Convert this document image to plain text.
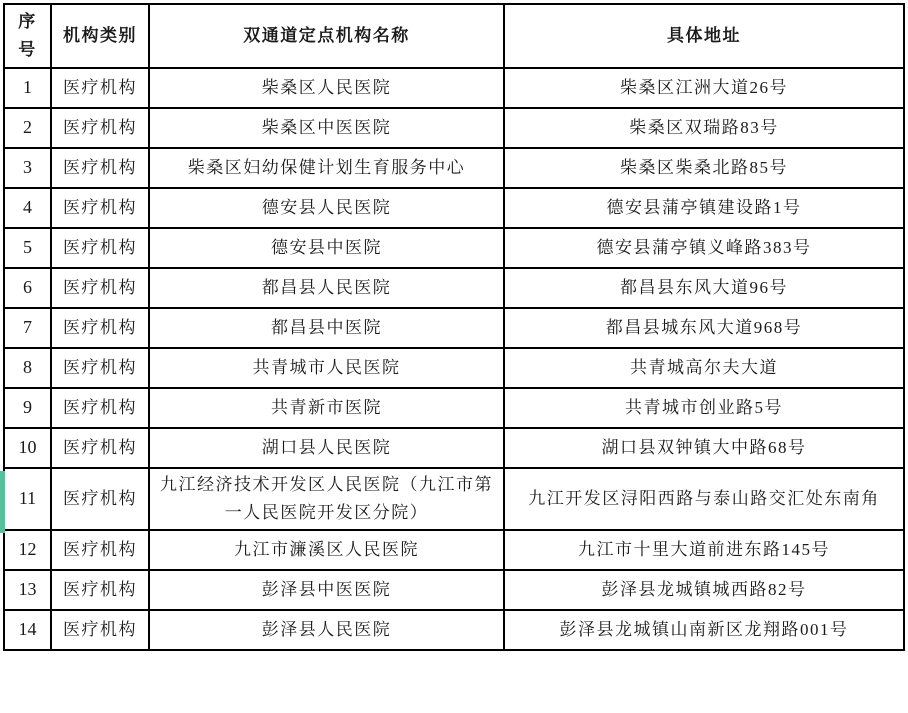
序号	机构类别	双通道定点机构名称	具体地址
1	医疗机构	柴桑区人民医院	柴桑区江洲大道26号
2	医疗机构	柴桑区中医医院	柴桑区双瑞路83号
3	医疗机构	柴桑区妇幼保健计划生育服务中心	柴桑区柴桑北路85号
4	医疗机构	德安县人民医院	德安县蒲亭镇建设路1号
5	医疗机构	德安县中医院	德安县蒲亭镇义峰路383号
6	医疗机构	都昌县人民医院	都昌县东风大道96号
7	医疗机构	都昌县中医院	都昌县城东风大道968号
8	医疗机构	共青城市人民医院	共青城高尔夫大道
9	医疗机构	共青新市医院	共青城市创业路5号
10	医疗机构	湖口县人民医院	湖口县双钟镇大中路68号
11	医疗机构	九江经济技术开发区人民医院（九江市第一人民医院开发区分院）	九江开发区浔阳西路与泰山路交汇处东南角
12	医疗机构	九江市濂溪区人民医院	九江市十里大道前进东路145号
13	医疗机构	彭泽县中医医院	彭泽县龙城镇城西路82号
14	医疗机构	彭泽县人民医院	彭泽县龙城镇山南新区龙翔路001号
